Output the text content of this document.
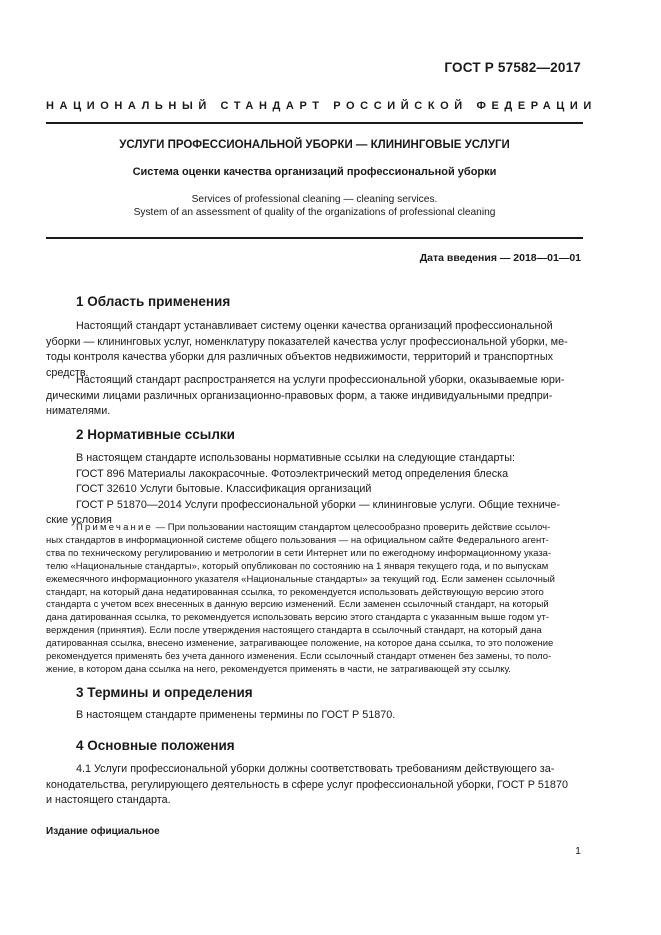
ГОСТ Р 57582—2017
НАЦИОНАЛЬНЫЙ СТАНДАРТ РОССИЙСКОЙ ФЕДЕРАЦИИ
УСЛУГИ ПРОФЕССИОНАЛЬНОЙ УБОРКИ — КЛИНИНГОВЫЕ УСЛУГИ
Система оценки качества организаций профессиональной уборки
Services of professional cleaning — cleaning services.
System of an assessment of quality of the organizations of professional cleaning
Дата введения — 2018—01—01
1 Область применения
Настоящий стандарт устанавливает систему оценки качества организаций профессиональной
уборки — клининговых услуг, номенклатуру показателей качества услуг профессиональной уборки, ме-
тоды контроля качества уборки для различных объектов недвижимости, территорий и транспортных
средств.
Настоящий стандарт распространяется на услуги профессиональной уборки, оказываемые юри-
дическими лицами различных организационно-правовых форм, а также индивидуальными предпри-
нимателями.
2 Нормативные ссылки
В настоящем стандарте использованы нормативные ссылки на следующие стандарты:
ГОСТ 896 Материалы лакокрасочные. Фотоэлектрический метод определения блеска
ГОСТ 32610 Услуги бытовые. Классификация организаций
ГОСТ Р 51870—2014 Услуги профессиональной уборки — клининговые услуги. Общие техниче-
ские условия
Примечание — При пользовании настоящим стандартом целесообразно проверить действие ссылоч-
ных стандартов в информационной системе общего пользования — на официальном сайте Федерального агент-
ства по техническому регулированию и метрологии в сети Интернет или по ежегодному информационному указа-
телю «Национальные стандарты», который опубликован по состоянию на 1 января текущего года, и по выпускам
ежемесячного информационного указателя «Национальные стандарты» за текущий год. Если заменен ссылочный
стандарт, на который дана недатированная ссылка, то рекомендуется использовать действующую версию этого
стандарта с учетом всех внесенных в данную версию изменений. Если заменен ссылочный стандарт, на который
дана датированная ссылка, то рекомендуется использовать версию этого стандарта с указанным выше годом ут-
верждения (принятия). Если после утверждения настоящего стандарта в ссылочный стандарт, на который дана
датированная ссылка, внесено изменение, затрагивающее положение, на которое дана ссылка, то это положение
рекомендуется применять без учета данного изменения. Если ссылочный стандарт отменен без замены, то поло-
жение, в котором дана ссылка на него, рекомендуется применять в части, не затрагивающей эту ссылку.
3 Термины и определения
В настоящем стандарте применены термины по ГОСТ Р 51870.
4 Основные положения
4.1 Услуги профессиональной уборки должны соответствовать требованиям действующего за-
конодательства, регулирующего деятельность в сфере услуг профессиональной уборки, ГОСТ Р 51870
и настоящего стандарта.
Издание официальное
1
